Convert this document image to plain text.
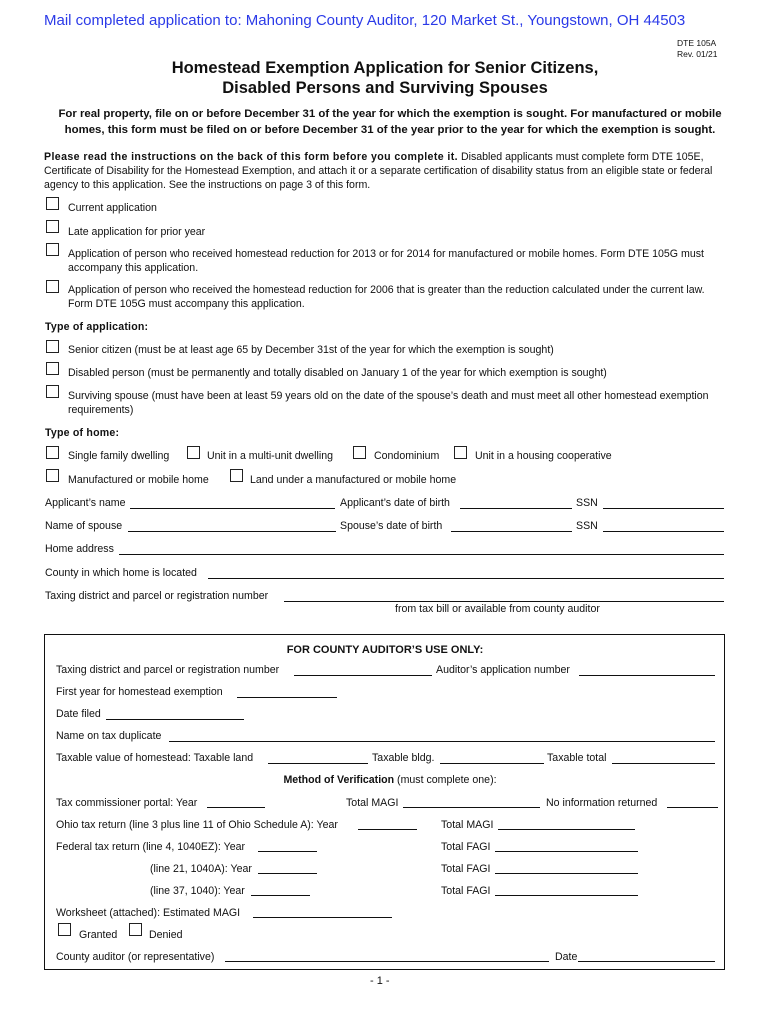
Mail completed application to: Mahoning County Auditor, 120 Market St., Youngstown, OH 44503
DTE 105A
Rev. 01/21
Homestead Exemption Application for Senior Citizens,
Disabled Persons and Surviving Spouses
For real property, file on or before December 31 of the year for which the exemption is sought. For manufactured or mobile
homes, this form must be filed on or before December 31 of the year prior to the year for which the exemption is sought.
Please read the instructions on the back of this form before you complete it. Disabled applicants must complete form DTE 105E, Certificate of Disability for the Homestead Exemption, and attach it or a separate certification of disability status from an eligible state or federal agency to this application. See the instructions on page 3 of this form.
Current application
Late application for prior year
Application of person who received homestead reduction for 2013 or for 2014 for manufactured or mobile homes. Form DTE 105G must accompany this application.
Application of person who received the homestead reduction for 2006 that is greater than the reduction calculated under the current law. Form DTE 105G must accompany this application.
Type of application:
Senior citizen (must be at least age 65 by December 31st of the year for which the exemption is sought)
Disabled person (must be permanently and totally disabled on January 1 of the year for which exemption is sought)
Surviving spouse (must have been at least 59 years old on the date of the spouse’s death and must meet all other homestead exemption requirements)
Type of home:
Single family dwelling	Unit in a multi-unit dwelling	Condominium	Unit in a housing cooperative
Manufactured or mobile home	Land under a manufactured or mobile home
Applicant’s name	Applicant’s date of birth	SSN
Name of spouse	Spouse’s date of birth	SSN
Home address
County in which home is located
Taxing district and parcel or registration number
from tax bill or available from county auditor
FOR COUNTY AUDITOR’S USE ONLY:
Taxing district and parcel or registration number	Auditor’s application number
First year for homestead exemption
Date filed
Name on tax duplicate
Taxable value of homestead: Taxable land	Taxable bldg.	Taxable total
Method of Verification (must complete one):
Tax commissioner portal: Year	Total MAGI	No information returned
Ohio tax return (line 3 plus line 11 of Ohio Schedule A): Year	Total MAGI
Federal tax return (line 4, 1040EZ): Year	Total FAGI
(line 21, 1040A): Year	Total FAGI
(line 37, 1040): Year	Total FAGI
Worksheet (attached): Estimated MAGI
Granted	Denied
County auditor (or representative)	Date
- 1 -
